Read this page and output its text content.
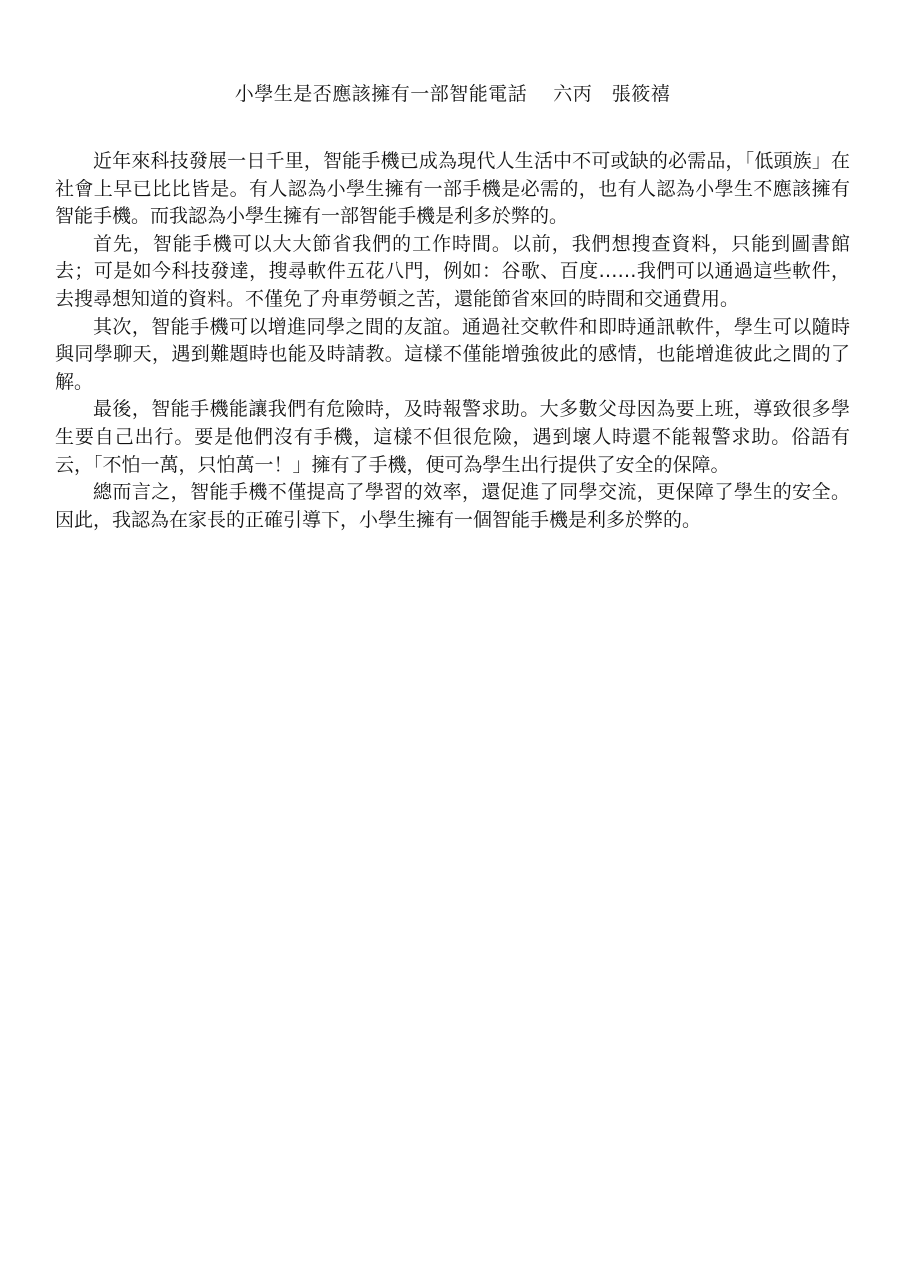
小學生是否應該擁有一部智能電話　 六丙　張筱禧

近年來科技發展一日千里，智能手機已成為現代人生活中不可或缺的必需品，「低頭族」在社會上早已比比皆是。有人認為小學生擁有一部手機是必需的，也有人認為小學生不應該擁有智能手機。而我認為小學生擁有一部智能手機是利多於弊的。

首先，智能手機可以大大節省我們的工作時間。以前，我們想搜查資料，只能到圖書館去；可是如今科技發達，搜尋軟件五花八門，例如：谷歌、百度……我們可以通過這些軟件，去搜尋想知道的資料。不僅免了舟車勞頓之苦，還能節省來回的時間和交通費用。

其次，智能手機可以增進同學之間的友誼。通過社交軟件和即時通訊軟件，學生可以隨時與同學聊天，遇到難題時也能及時請教。這樣不僅能增強彼此的感情，也能增進彼此之間的了解。

最後，智能手機能讓我們有危險時，及時報警求助。大多數父母因為要上班，導致很多學生要自己出行。要是他們沒有手機，這樣不但很危險，遇到壞人時還不能報警求助。俗語有云，「不怕一萬，只怕萬一！」擁有了手機，便可為學生出行提供了安全的保障。

總而言之，智能手機不僅提高了學習的效率，還促進了同學交流，更保障了學生的安全。因此，我認為在家長的正確引導下，小學生擁有一個智能手機是利多於弊的。
